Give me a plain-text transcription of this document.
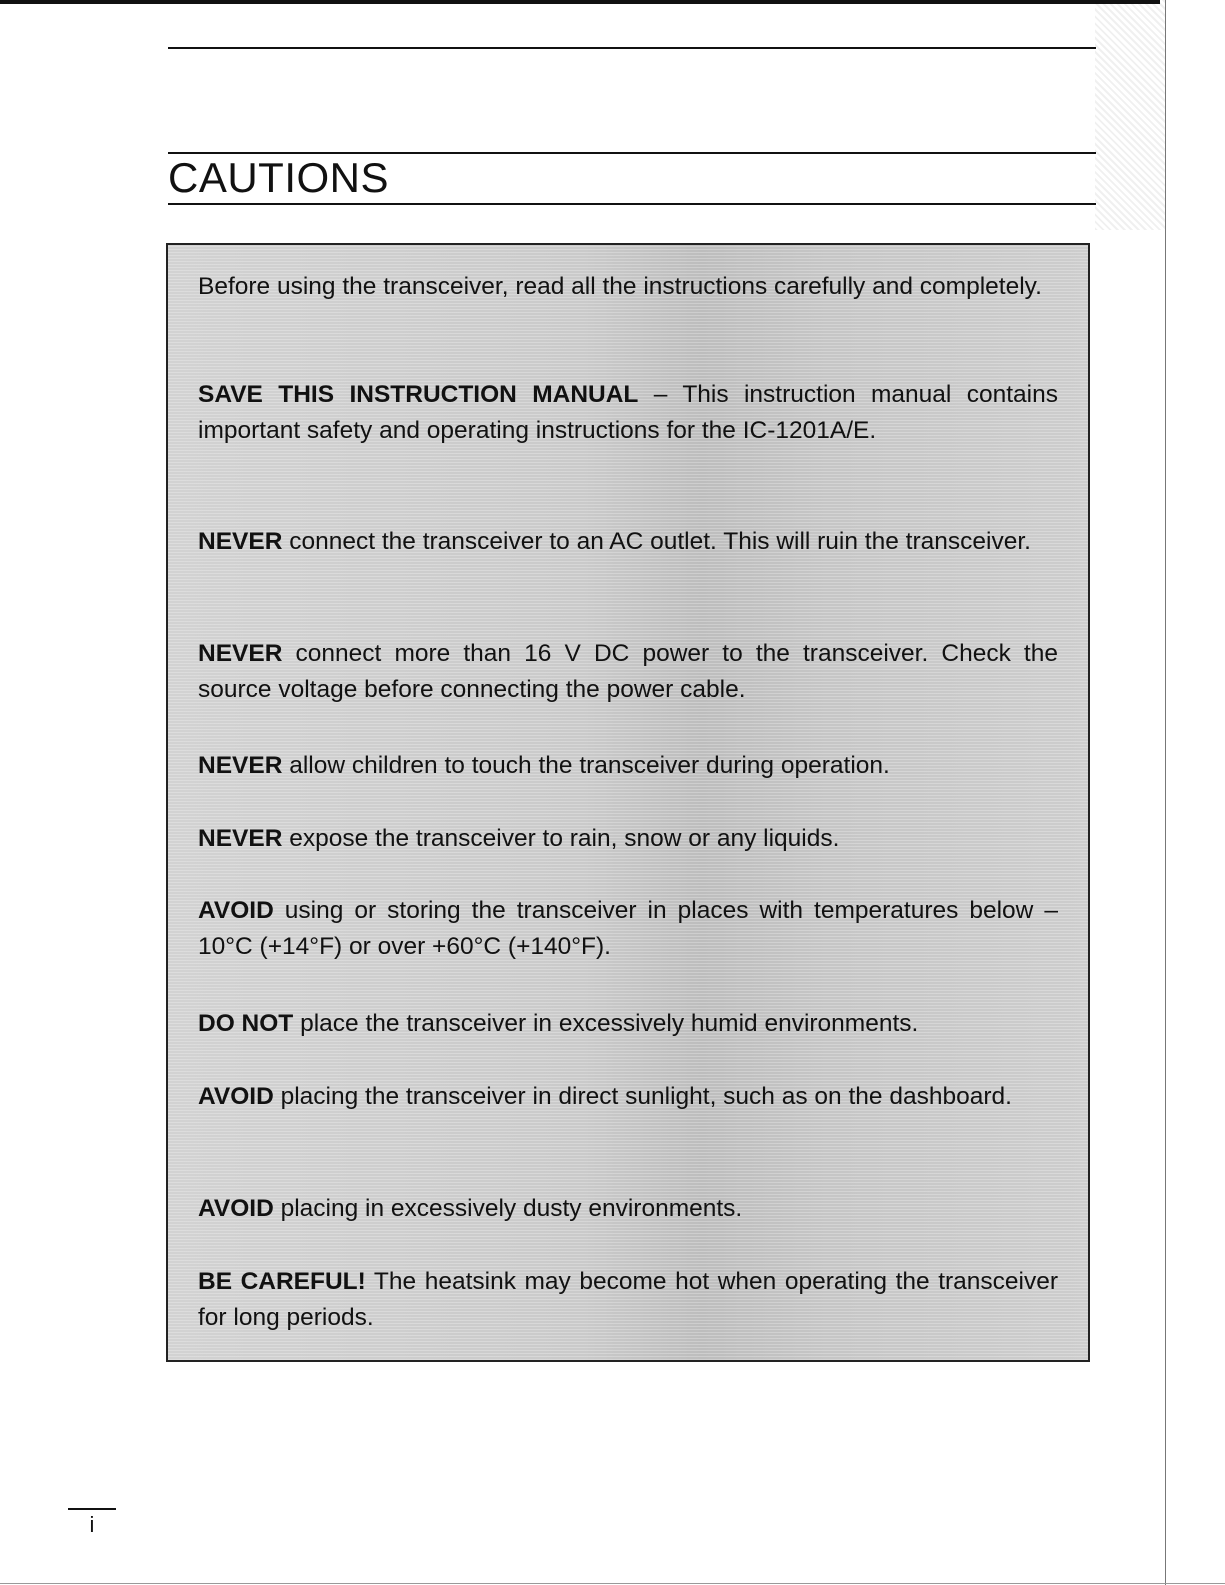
CAUTIONS
Before using the transceiver, read all the instructions carefully and completely.
SAVE THIS INSTRUCTION MANUAL – This instruction manual contains important safety and operating instructions for the IC-1201A/E.
NEVER connect the transceiver to an AC outlet. This will ruin the transceiver.
NEVER connect more than 16 V DC power to the transceiver. Check the source voltage before connecting the power cable.
NEVER allow children to touch the transceiver during operation.
NEVER expose the transceiver to rain, snow or any liquids.
AVOID using or storing the transceiver in places with temperatures below –10°C (+14°F) or over +60°C (+140°F).
DO NOT place the transceiver in excessively humid environments.
AVOID placing the transceiver in direct sunlight, such as on the dashboard.
AVOID placing in excessively dusty environments.
BE CAREFUL! The heatsink may become hot when operating the transceiver for long periods.
i
